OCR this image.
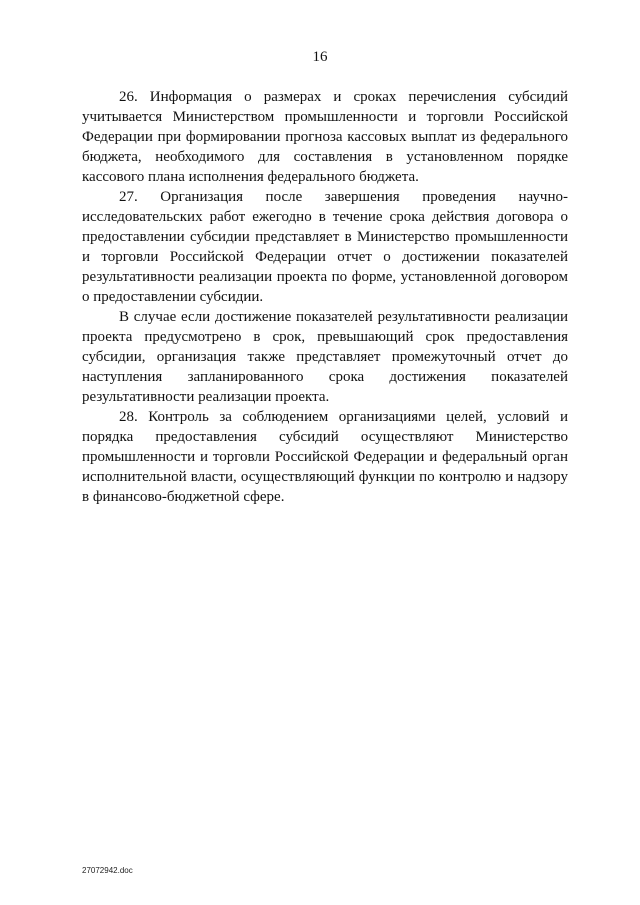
16
26. Информация о размерах и сроках перечисления субсидий
учитывается Министерством промышленности и торговли Российской
Федерации при формировании прогноза кассовых выплат из федерального
бюджета, необходимого для составления в установленном порядке
кассового плана исполнения федерального бюджета.
27. Организация после завершения проведения научно-
исследовательских работ ежегодно в течение срока действия договора о
предоставлении субсидии представляет в Министерство промышленности
и торговли Российской Федерации отчет о достижении показателей
результативности реализации проекта по форме, установленной договором
о предоставлении субсидии.
В случае если достижение показателей результативности реализации
проекта предусмотрено в срок, превышающий срок предоставления
субсидии, организация также представляет промежуточный отчет до
наступления запланированного срока достижения показателей
результативности реализации проекта.
28. Контроль за соблюдением организациями целей, условий и
порядка предоставления субсидий осуществляют Министерство
промышленности и торговли Российской Федерации и федеральный орган
исполнительной власти, осуществляющий функции по контролю и надзору
в финансово-бюджетной сфере.
27072942.doc
